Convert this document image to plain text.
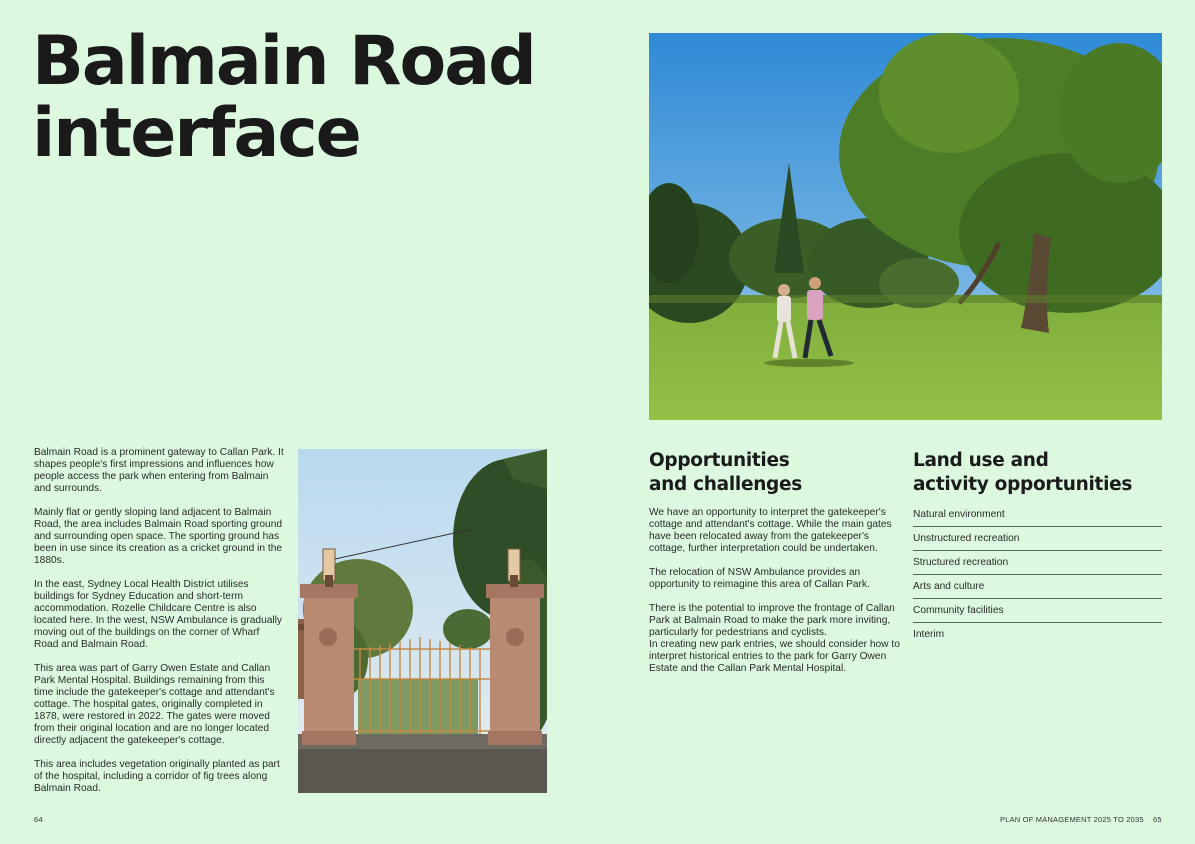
Balmain Road
interface

Balmain Road is a prominent gateway to Callan Park. It shapes people's first impressions and influences how people access the park when entering from Balmain and surrounds.

Mainly flat or gently sloping land adjacent to Balmain Road, the area includes Balmain Road sporting ground and surrounding open space. The sporting ground has been in use since its creation as a cricket ground in the 1880s.

In the east, Sydney Local Health District utilises buildings for Sydney Education and short-term accommodation. Rozelle Childcare Centre is also located here. In the west, NSW Ambulance is gradually moving out of the buildings on the corner of Wharf Road and Balmain Road.

This area was part of Garry Owen Estate and Callan Park Mental Hospital. Buildings remaining from this time include the gatekeeper's cottage and attendant's cottage. The hospital gates, originally completed in 1878, were restored in 2022. The gates were moved from their original location and are no longer located directly adjacent the gatekeeper's cottage.

This area includes vegetation originally planted as part of the hospital, including a corridor of fig trees along Balmain Road.

Opportunities
and challenges

We have an opportunity to interpret the gatekeeper's cottage and attendant's cottage. While the main gates have been relocated away from the gatekeeper's cottage, further interpretation could be undertaken.

The relocation of NSW Ambulance provides an opportunity to reimagine this area of Callan Park.

There is the potential to improve the frontage of Callan Park at Balmain Road to make the park more inviting, particularly for pedestrians and cyclists.
In creating new park entries, we should consider how to interpret historical entries to the park for Garry Owen Estate and the Callan Park Mental Hospital.

Land use and
activity opportunities
Natural environment
Unstructured recreation
Structured recreation
Arts and culture
Community facilities
Interim
64	PLAN OF MANAGEMENT 2025 TO 2035 65
